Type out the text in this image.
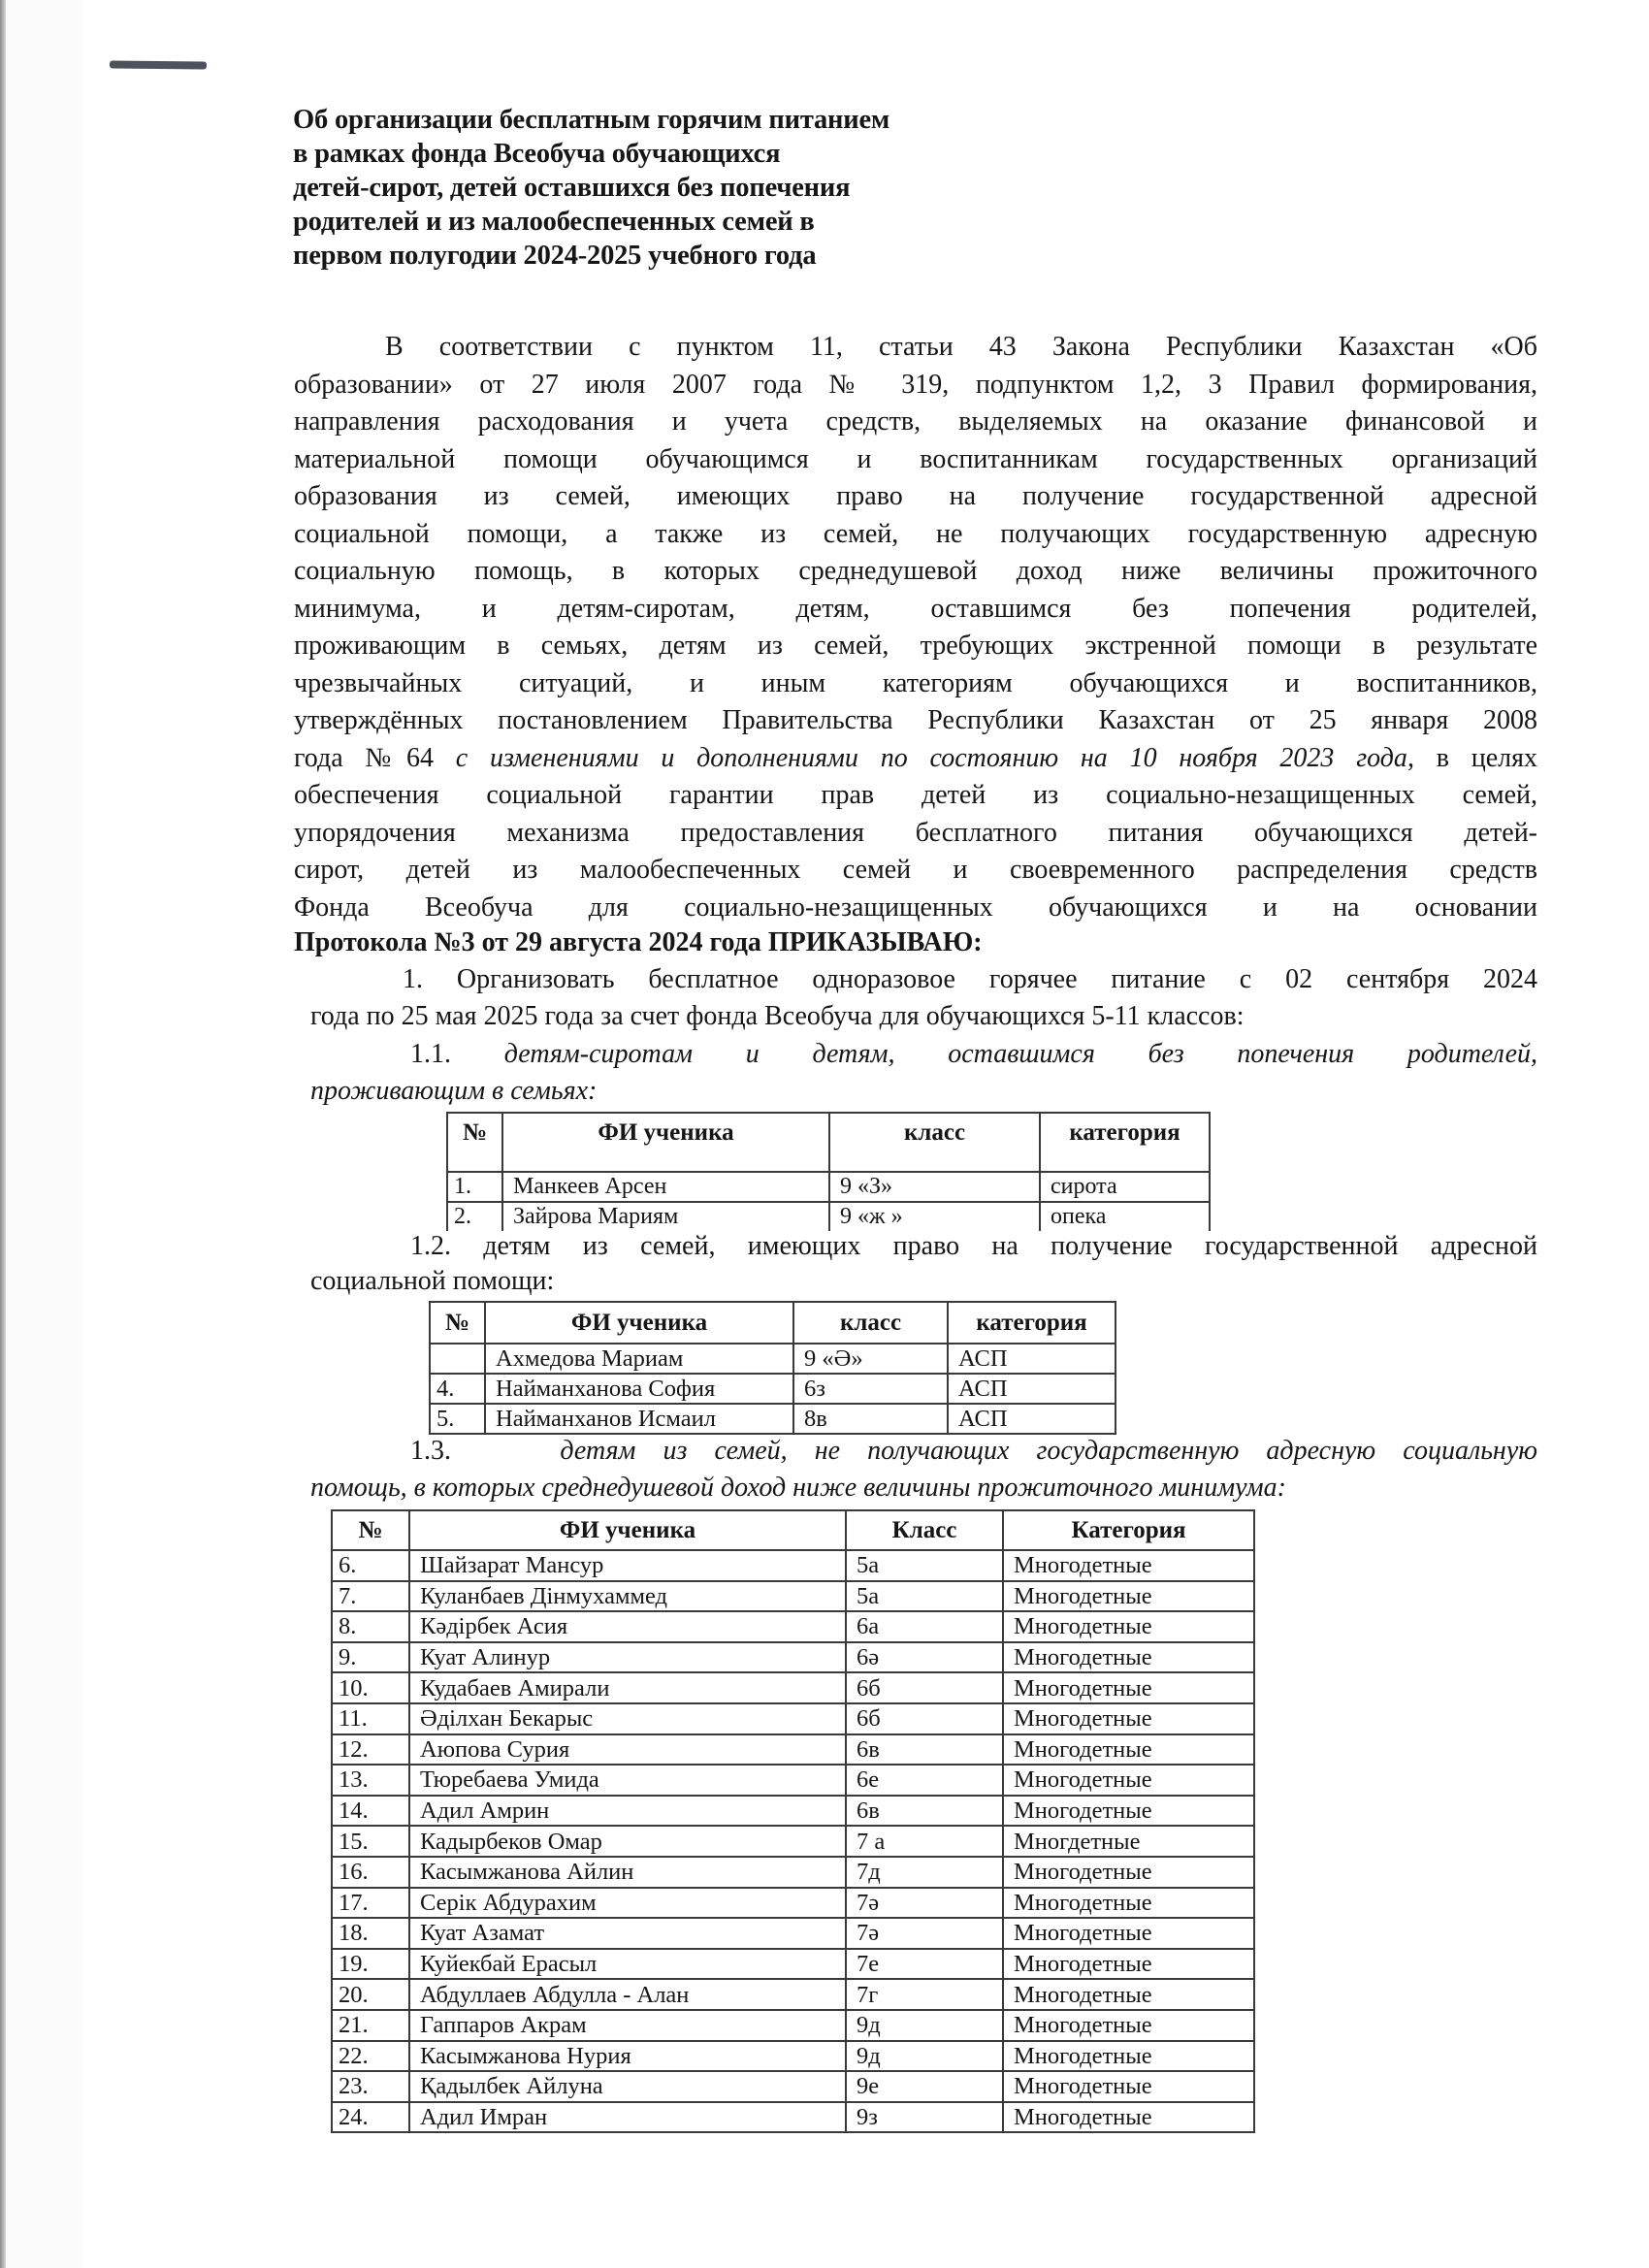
Об организации бесплатным горячим питанием
в рамках фонда Всеобуча обучающихся
детей-сирот, детей оставшихся без попечения
родителей и из малообеспеченных семей в
первом полугодии 2024-2025 учебного года
В соответствии с пунктом 11, статьи 43 Закона Республики Казахстан «Об
образовании» от 27 июля 2007 года № 319, подпунктом 1,2, 3 Правил формирования,
направления расходования и учета средств, выделяемых на оказание финансовой и
материальной помощи обучающимся и воспитанникам государственных организаций
образования из семей, имеющих право на получение государственной адресной
социальной помощи, а также из семей, не получающих государственную адресную
социальную помощь, в которых среднедушевой доход ниже величины прожиточного
минимума, и детям-сиротам, детям, оставшимся без попечения родителей,
проживающим в семьях, детям из семей, требующих экстренной помощи в результате
чрезвычайных ситуаций, и иным категориям обучающихся и воспитанников,
утверждённых постановлением Правительства Республики Казахстан от 25 января 2008
года №64 с изменениями и дополнениями по состоянию на 10 ноября 2023 года, в целях
обеспечения социальной гарантии прав детей из социально-незащищенных семей,
упорядочения механизма предоставления бесплатного питания обучающихся детей-
сирот, детей из малообеспеченных семей и своевременного распределения средств
Фонда Всеобуча для социально-незащищенных обучающихся и на основании
Протокола №3 от 29 августа 2024 года ПРИКАЗЫВАЮ:
1. Организовать бесплатное одноразовое горячее питание с 02 сентября 2024
года по 25 мая 2025 года за счет фонда Всеобуча для обучающихся 5-11 классов:
1.1. детям-сиротам и детям, оставшимся без попечения родителей,
проживающим в семьях:
№	ФИ ученика	класс	категория
1.	Манкеев Арсен	9 «З»	сирота
2.	Зайрова Мариям	9 «ж »	опека
1.2. детям из семей, имеющих право на получение государственной адресной
социальной помощи:
№	ФИ ученика	класс	категория
	Ахмедова Мариам	9 «Ә»	АСП
4.	Найманханова София	6з	АСП
5.	Найманханов Исмаил	8в	АСП
1.3.	детям из семей, не получающих государственную адресную социальную
помощь, в которых среднедушевой доход ниже величины прожиточного минимума:
№	ФИ ученика	Класс	Категория
6.	Шайзарат Мансур	5а	Многодетные
7.	Куланбаев Дінмухаммед	5а	Многодетные
8.	Кәдірбек Асия	6а	Многодетные
9.	Куат Алинур	6ә	Многодетные
10.	Кудабаев Амирали	6б	Многодетные
11.	Әділхан Бекарыс	6б	Многодетные
12.	Аюпова Сурия	6в	Многодетные
13.	Тюребаева Умида	6е	Многодетные
14.	Адил Амрин	6в	Многодетные
15.	Кадырбеков Омар	7 а	Многдетные
16.	Касымжанова Айлин	7д	Многодетные
17.	Серік Абдурахим	7ә	Многодетные
18.	Куат Азамат	7ә	Многодетные
19.	Куйекбай Ерасыл	7е	Многодетные
20.	Абдуллаев Абдулла - Алан	7г	Многодетные
21.	Гаппаров Акрам	9д	Многодетные
22.	Касымжанова Нурия	9д	Многодетные
23.	Қадылбек Айлуна	9е	Многодетные
24.	Адил Имран	9з	Многодетные
